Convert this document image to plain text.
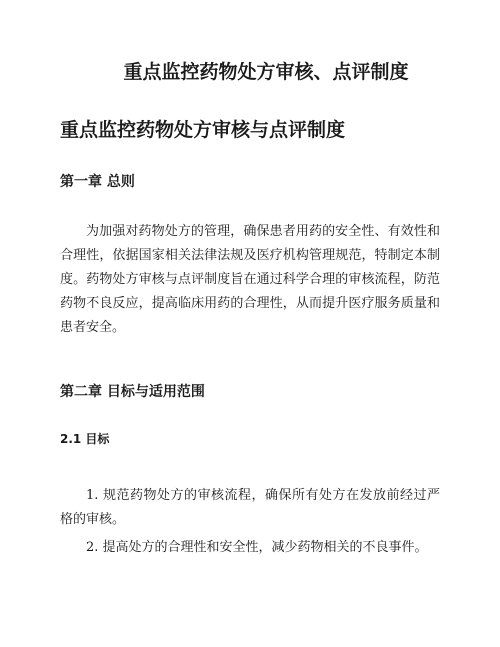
重点监控药物处方审核、点评制度
重点监控药物处方审核与点评制度
第一章 总则

为加强对药物处方的管理，确保患者用药的安全性、有效性和合理性，依据国家相关法律法规及医疗机构管理规范，特制定本制度。药物处方审核与点评制度旨在通过科学合理的审核流程，防范药物不良反应，提高临床用药的合理性，从而提升医疗服务质量和患者安全。

第二章 目标与适用范围
2.1 目标

1. 规范药物处方的审核流程，确保所有处方在发放前经过严格的审核。

2. 提高处方的合理性和安全性，减少药物相关的不良事件。
